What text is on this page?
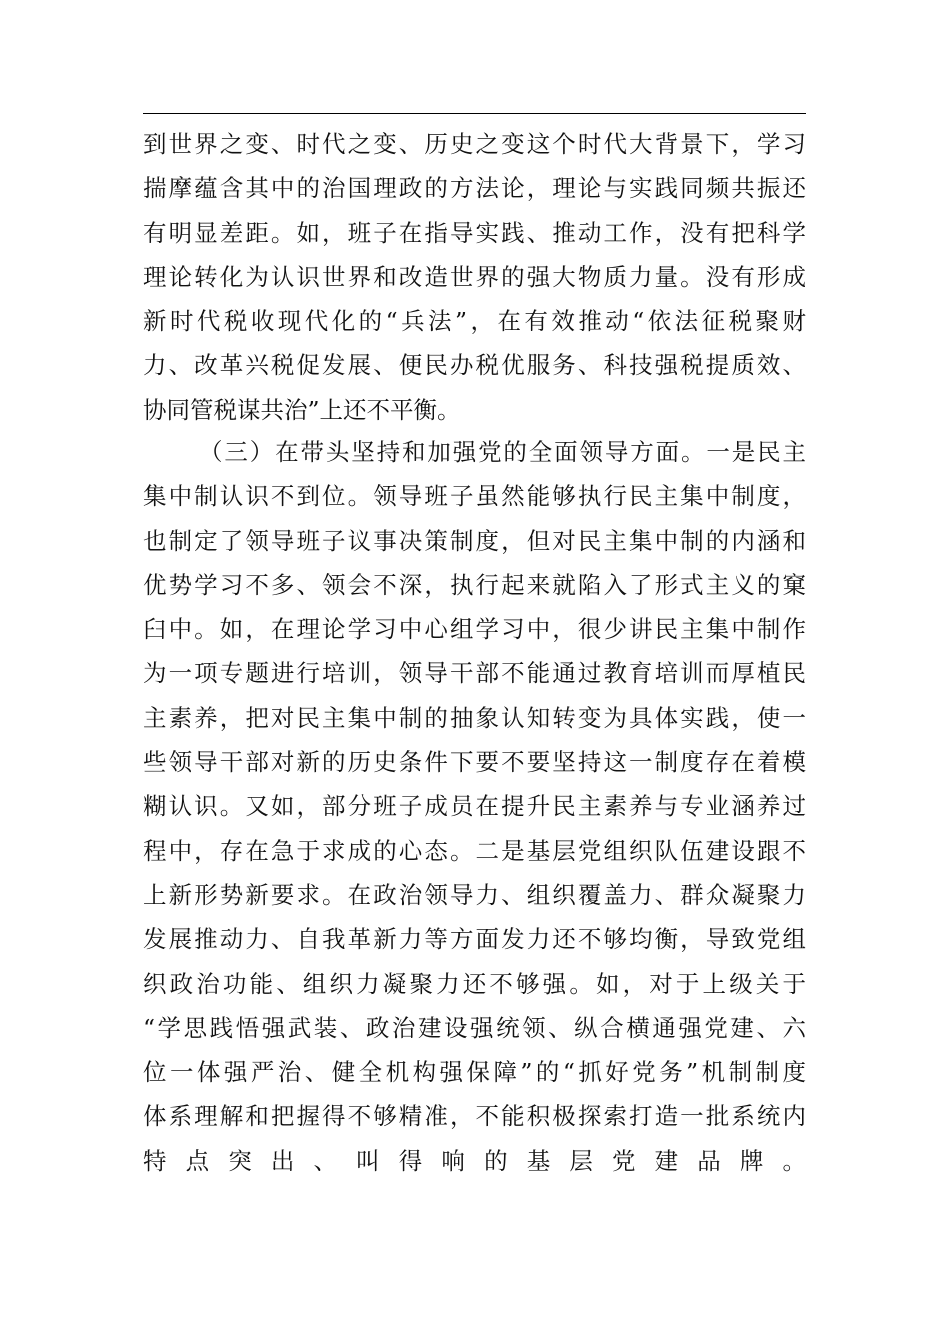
到世界之变、时代之变、历史之变这个时代大背景下，学习
揣摩蕴含其中的治国理政的方法论，理论与实践同频共振还
有明显差距。如，班子在指导实践、推动工作，没有把科学
理论转化为认识世界和改造世界的强大物质力量。没有形成
新时代税收现代化的“兵法”，在有效推动“依法征税聚财
力、改革兴税促发展、便民办税优服务、科技强税提质效、
协同管税谋共治”上还不平衡。
（三）在带头坚持和加强党的全面领导方面。一是民主
集中制认识不到位。领导班子虽然能够执行民主集中制度，
也制定了领导班子议事决策制度，但对民主集中制的内涵和
优势学习不多、领会不深，执行起来就陷入了形式主义的窠
臼中。如，在理论学习中心组学习中，很少讲民主集中制作
为一项专题进行培训，领导干部不能通过教育培训而厚植民
主素养，把对民主集中制的抽象认知转变为具体实践，使一
些领导干部对新的历史条件下要不要坚持这一制度存在着模
糊认识。又如，部分班子成员在提升民主素养与专业涵养过
程中，存在急于求成的心态。二是基层党组织队伍建设跟不
上新形势新要求。在政治领导力、组织覆盖力、群众凝聚力
发展推动力、自我革新力等方面发力还不够均衡，导致党组
织政治功能、组织力凝聚力还不够强。如，对于上级关于
“学思践悟强武装、政治建设强统领、纵合横通强党建、六
位一体强严治、健全机构强保障”的“抓好党务”机制制度
体系理解和把握得不够精准，不能积极探索打造一批系统内
特点突出、叫得响的基层党建品牌。
